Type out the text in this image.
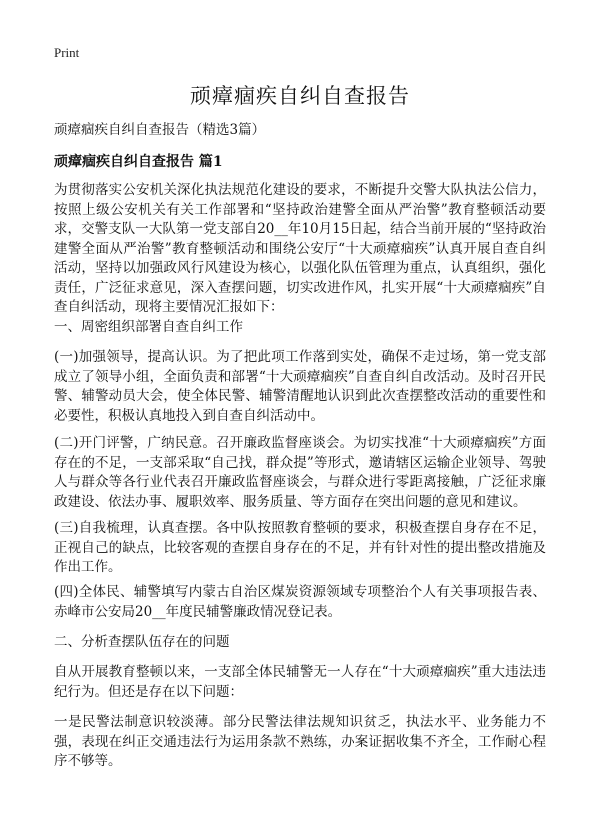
Print
顽瘴痼疾自纠自查报告
顽瘴痼疾自纠自查报告（精选3篇）
顽瘴痼疾自纠自查报告 篇1
为贯彻落实公安机关深化执法规范化建设的要求，不断提升交警大队执法公信力，按照上级公安机关有关工作部署和“坚持政治建警全面从严治警”教育整顿活动要求，交警支队一大队第一党支部自20__年10月15日起，结合当前开展的“坚持政治建警全面从严治警”教育整顿活动和围绕公安厅“十大顽瘴痼疾”认真开展自查自纠活动，坚持以加强政风行风建设为核心，以强化队伍管理为重点，认真组织，强化责任，广泛征求意见，深入查摆问题，切实改进作风，扎实开展“十大顽瘴痼疾”自查自纠活动，现将主要情况汇报如下：
一、周密组织部署自查自纠工作
(一)加强领导，提高认识。为了把此项工作落到实处，确保不走过场，第一党支部成立了领导小组，全面负责和部署“十大顽瘴痼疾”自查自纠自改活动。及时召开民警、辅警动员大会，使全体民警、辅警清醒地认识到此次查摆整改活动的重要性和必要性，积极认真地投入到自查自纠活动中。
(二)开门评警，广纳民意。召开廉政监督座谈会。为切实找准“十大顽瘴痼疾”方面存在的不足，一支部采取“自己找，群众提”等形式，邀请辖区运输企业领导、驾驶人与群众等各行业代表召开廉政监督座谈会，与群众进行零距离接触，广泛征求廉政建设、依法办事、履职效率、服务质量、等方面存在突出问题的意见和建议。
(三)自我梳理，认真查摆。各中队按照教育整顿的要求，积极查摆自身存在不足，正视自己的缺点，比较客观的查摆自身存在的不足，并有针对性的提出整改措施及作出工作。
(四)全体民、辅警填写内蒙古自治区煤炭资源领域专项整治个人有关事项报告表、赤峰市公安局20__年度民辅警廉政情况登记表。
二、分析查摆队伍存在的问题
自从开展教育整顿以来，一支部全体民辅警无一人存在“十大顽瘴痼疾”重大违法违纪行为。但还是存在以下问题：
一是民警法制意识较淡薄。部分民警法律法规知识贫乏，执法水平、业务能力不强，表现在纠正交通违法行为运用条款不熟练，办案证据收集不齐全，工作耐心程序不够等。
